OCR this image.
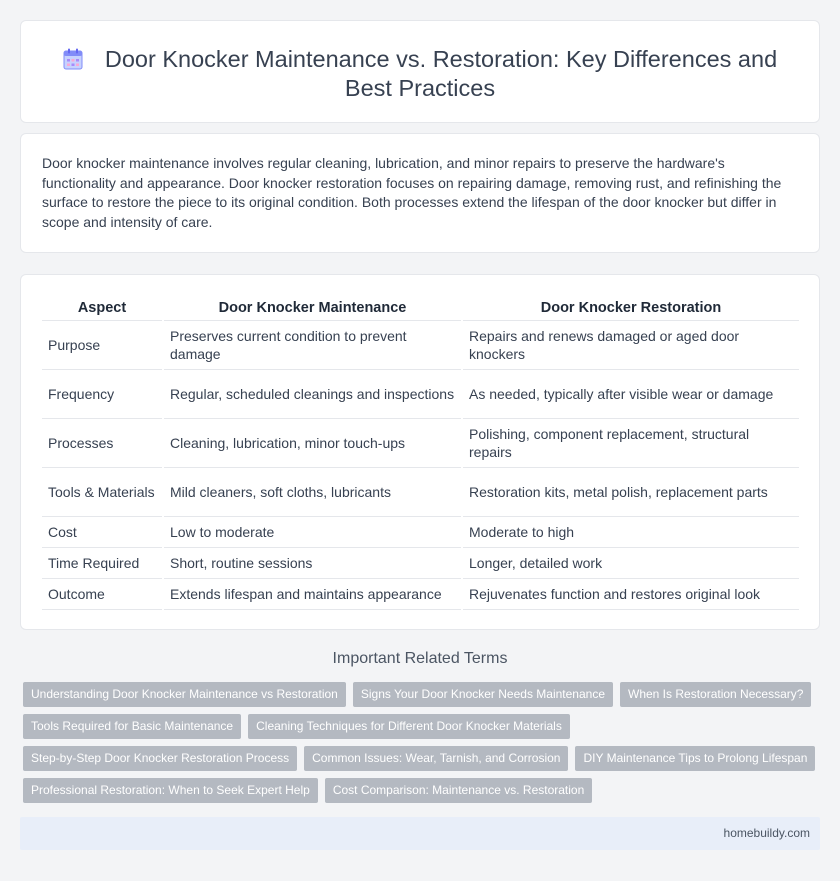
Door Knocker Maintenance vs. Restoration: Key Differences and Best Practices

Door knocker maintenance involves regular cleaning, lubrication, and minor repairs to preserve the hardware's functionality and appearance. Door knocker restoration focuses on repairing damage, removing rust, and refinishing the surface to restore the piece to its original condition. Both processes extend the lifespan of the door knocker but differ in scope and intensity of care.

Aspect	Door Knocker Maintenance	Door Knocker Restoration
Purpose	Preserves current condition to prevent damage	Repairs and renews damaged or aged door knockers
Frequency	Regular, scheduled cleanings and inspections	As needed, typically after visible wear or damage
Processes	Cleaning, lubrication, minor touch-ups	Polishing, component replacement, structural repairs
Tools & Materials	Mild cleaners, soft cloths, lubricants	Restoration kits, metal polish, replacement parts
Cost	Low to moderate	Moderate to high
Time Required	Short, routine sessions	Longer, detailed work
Outcome	Extends lifespan and maintains appearance	Rejuvenates function and restores original look
Important Related Terms
Understanding Door Knocker Maintenance vs Restoration	Signs Your Door Knocker Needs Maintenance	When Is Restoration Necessary?
Tools Required for Basic Maintenance	Cleaning Techniques for Different Door Knocker Materials
Step-by-Step Door Knocker Restoration Process	Common Issues: Wear, Tarnish, and Corrosion	DIY Maintenance Tips to Prolong Lifespan
Professional Restoration: When to Seek Expert Help	Cost Comparison: Maintenance vs. Restoration
homebuildy.com
